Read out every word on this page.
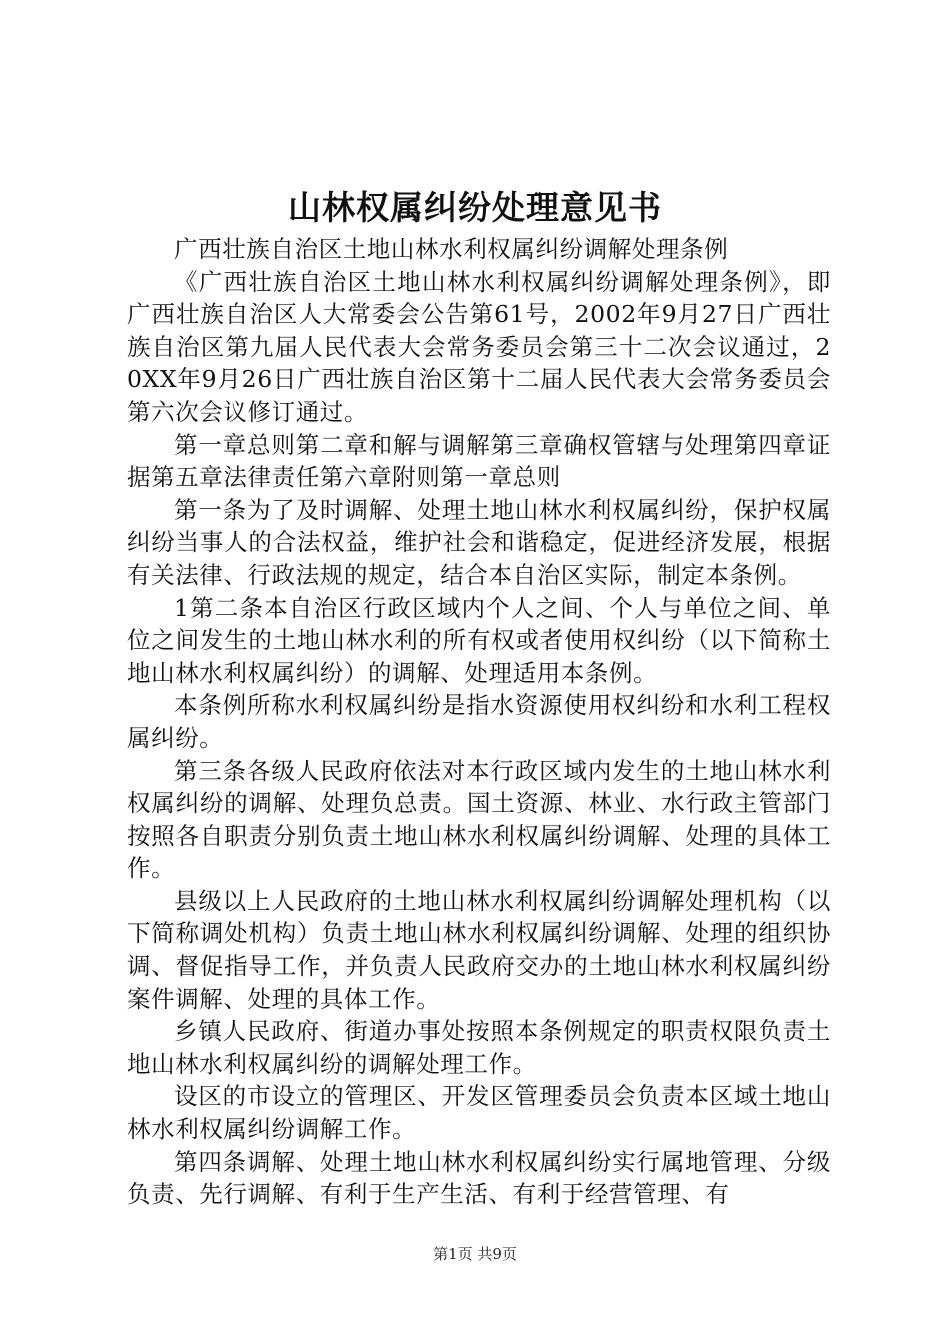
山林权属纠纷处理意见书

广西壮族自治区土地山林水利权属纠纷调解处理条例

《广西壮族自治区土地山林水利权属纠纷调解处理条例》，即广西壮族自治区人大常委会公告第61号，2002年9月27日广西壮族自治区第九届人民代表大会常务委员会第三十二次会议通过，20XX年9月26日广西壮族自治区第十二届人民代表大会常务委员会第六次会议修订通过。

第一章总则第二章和解与调解第三章确权管辖与处理第四章证据第五章法律责任第六章附则第一章总则

第一条为了及时调解、处理土地山林水利权属纠纷，保护权属纠纷当事人的合法权益，维护社会和谐稳定，促进经济发展，根据有关法律、行政法规的规定，结合本自治区实际，制定本条例。

1第二条本自治区行政区域内个人之间、个人与单位之间、单位之间发生的土地山林水利的所有权或者使用权纠纷（以下简称土地山林水利权属纠纷）的调解、处理适用本条例。

本条例所称水利权属纠纷是指水资源使用权纠纷和水利工程权属纠纷。

第三条各级人民政府依法对本行政区域内发生的土地山林水利权属纠纷的调解、处理负总责。国土资源、林业、水行政主管部门按照各自职责分别负责土地山林水利权属纠纷调解、处理的具体工作。

县级以上人民政府的土地山林水利权属纠纷调解处理机构（以下简称调处机构）负责土地山林水利权属纠纷调解、处理的组织协调、督促指导工作，并负责人民政府交办的土地山林水利权属纠纷案件调解、处理的具体工作。

乡镇人民政府、街道办事处按照本条例规定的职责权限负责土地山林水利权属纠纷的调解处理工作。

设区的市设立的管理区、开发区管理委员会负责本区域土地山林水利权属纠纷调解工作。

第四条调解、处理土地山林水利权属纠纷实行属地管理、分级负责、先行调解、有利于生产生活、有利于经营管理、有

第1页 共9页
